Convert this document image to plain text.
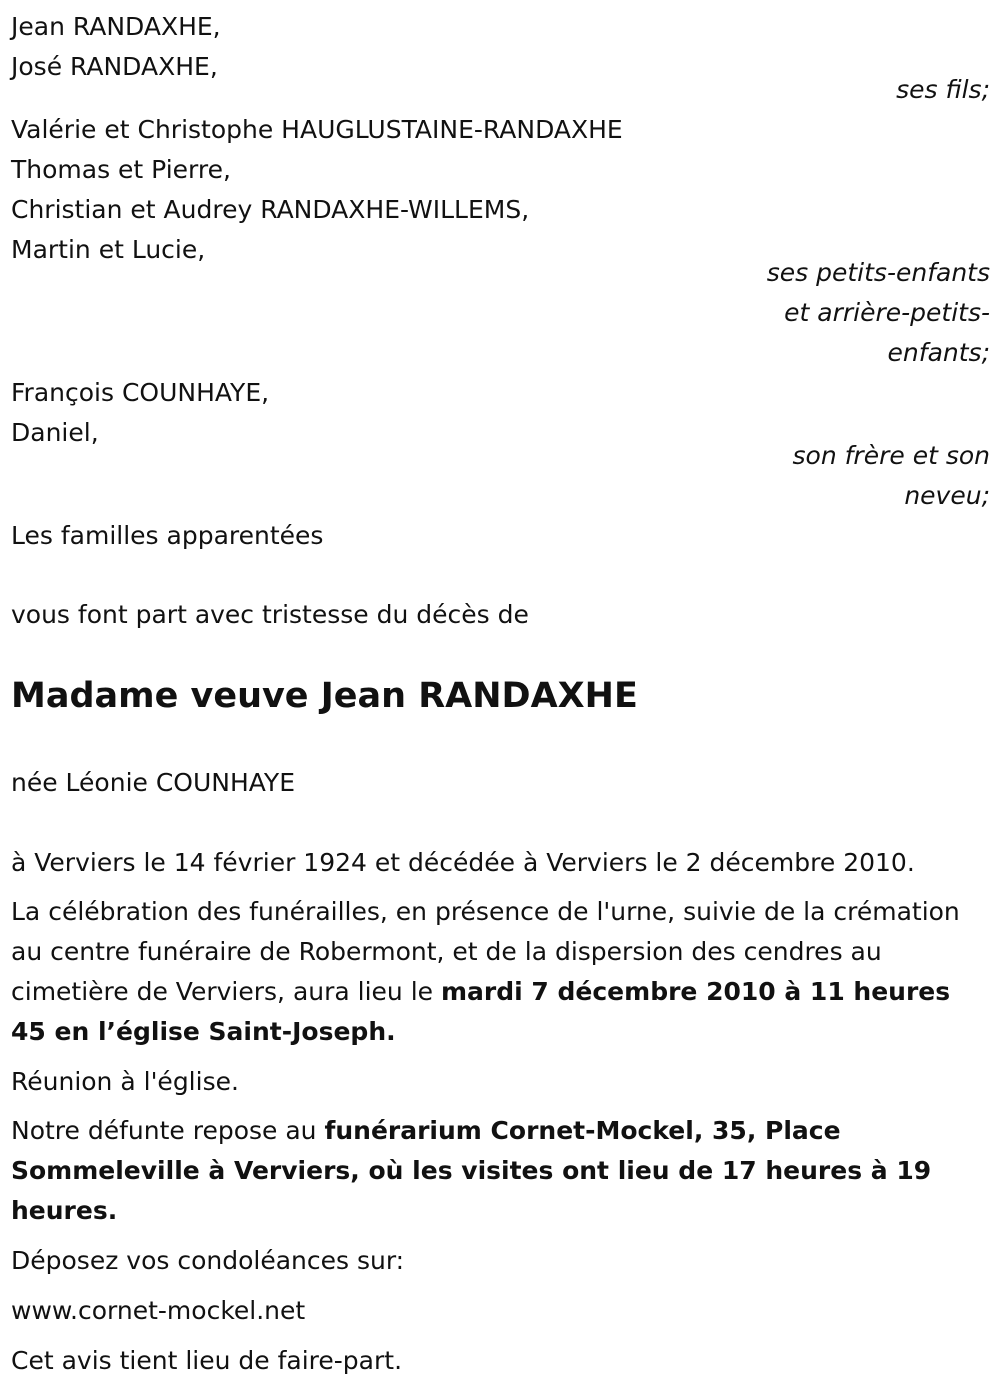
Jean RANDAXHE,
José RANDAXHE,
ses fils;
Valérie et Christophe HAUGLUSTAINE-RANDAXHE
Thomas et Pierre,
Christian et Audrey RANDAXHE-WILLEMS,
Martin et Lucie,
ses petits-enfants
et arrière-petits-
enfants;
François COUNHAYE,
Daniel,
son frère et son
neveu;
Les familles apparentées
vous font part avec tristesse du décès de
Madame veuve Jean RANDAXHE
née Léonie COUNHAYE
à Verviers le 14 février 1924 et décédée à Verviers le 2 décembre 2010.
La célébration des funérailles, en présence de l'urne, suivie de la crémation au centre funéraire de Robermont, et de la dispersion des cendres au cimetière de Verviers, aura lieu le mardi 7 décembre 2010 à 11 heures 45 en l’église Saint-Joseph.
Réunion à l'église.
Notre défunte repose au funérarium Cornet-Mockel, 35, Place Sommeleville à Verviers, où les visites ont lieu de 17 heures à 19 heures.
Déposez vos condoléances sur:
www.cornet-mockel.net
Cet avis tient lieu de faire-part.
